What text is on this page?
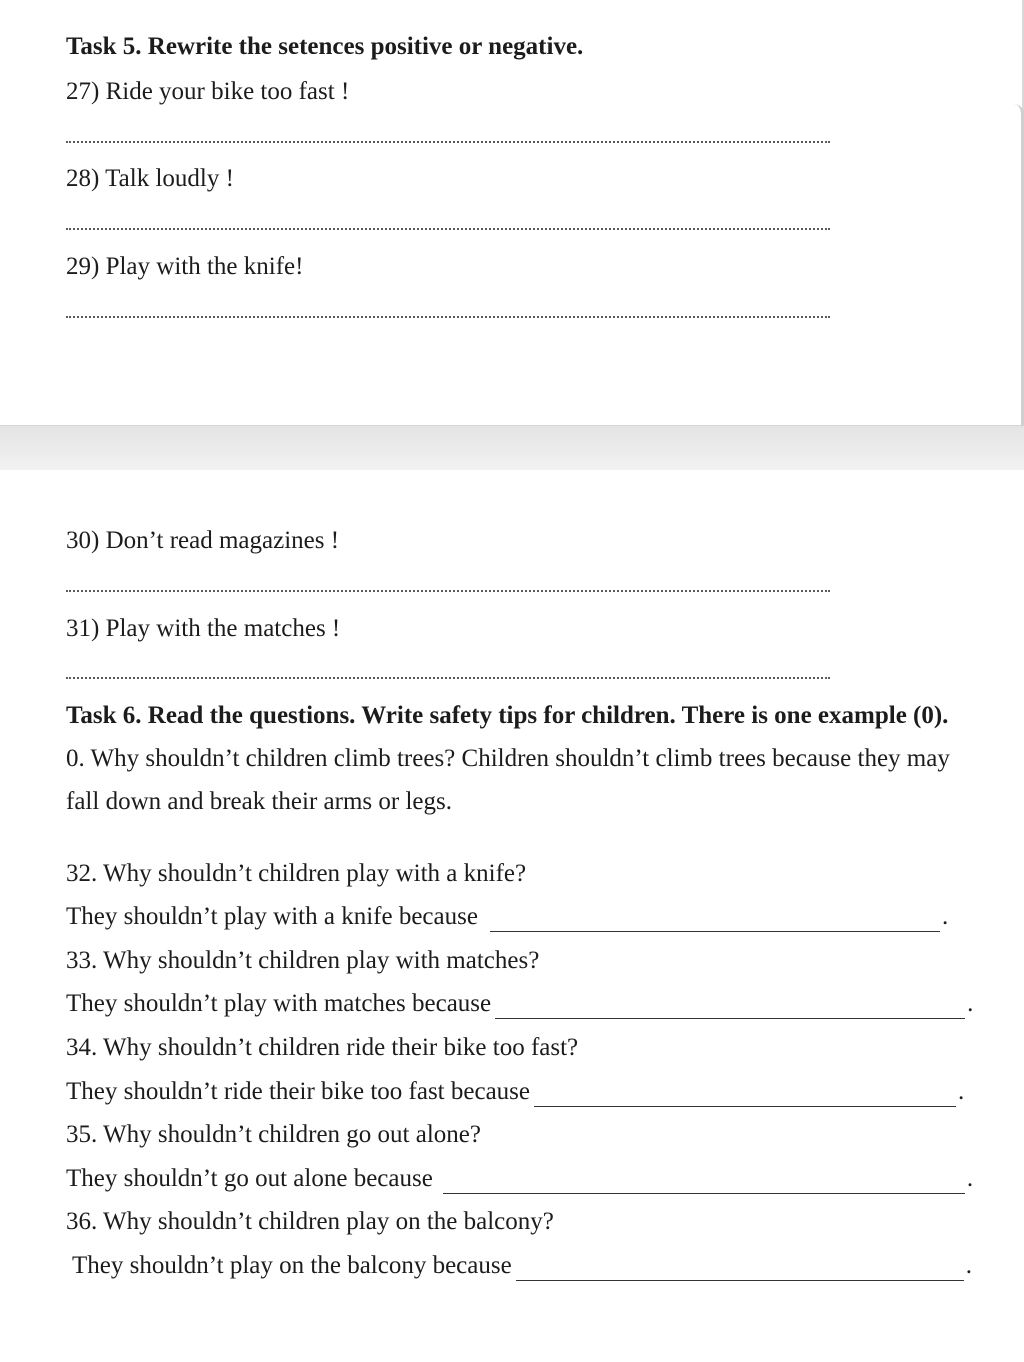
Task 5. Rewrite the setences positive or negative.
27) Ride your bike too fast !
28) Talk loudly !
29) Play with the knife!
30) Don’t read magazines !
31) Play with the matches !
Task 6. Read the questions. Write safety tips for children. There is one example (0).
0. Why shouldn’t children climb trees? Children shouldn’t climb trees because they may
fall down and break their arms or legs.
32. Why shouldn’t children play with a knife?
They shouldn’t play with a knife because	.
33. Why shouldn’t children play with matches?
They shouldn’t play with matches because	.
34. Why shouldn’t children ride their bike too fast?
They shouldn’t ride their bike too fast because	.
35. Why shouldn’t children go out alone?
They shouldn’t go out alone because	.
36. Why shouldn’t children play on the balcony?
They shouldn’t play on the balcony because	.
